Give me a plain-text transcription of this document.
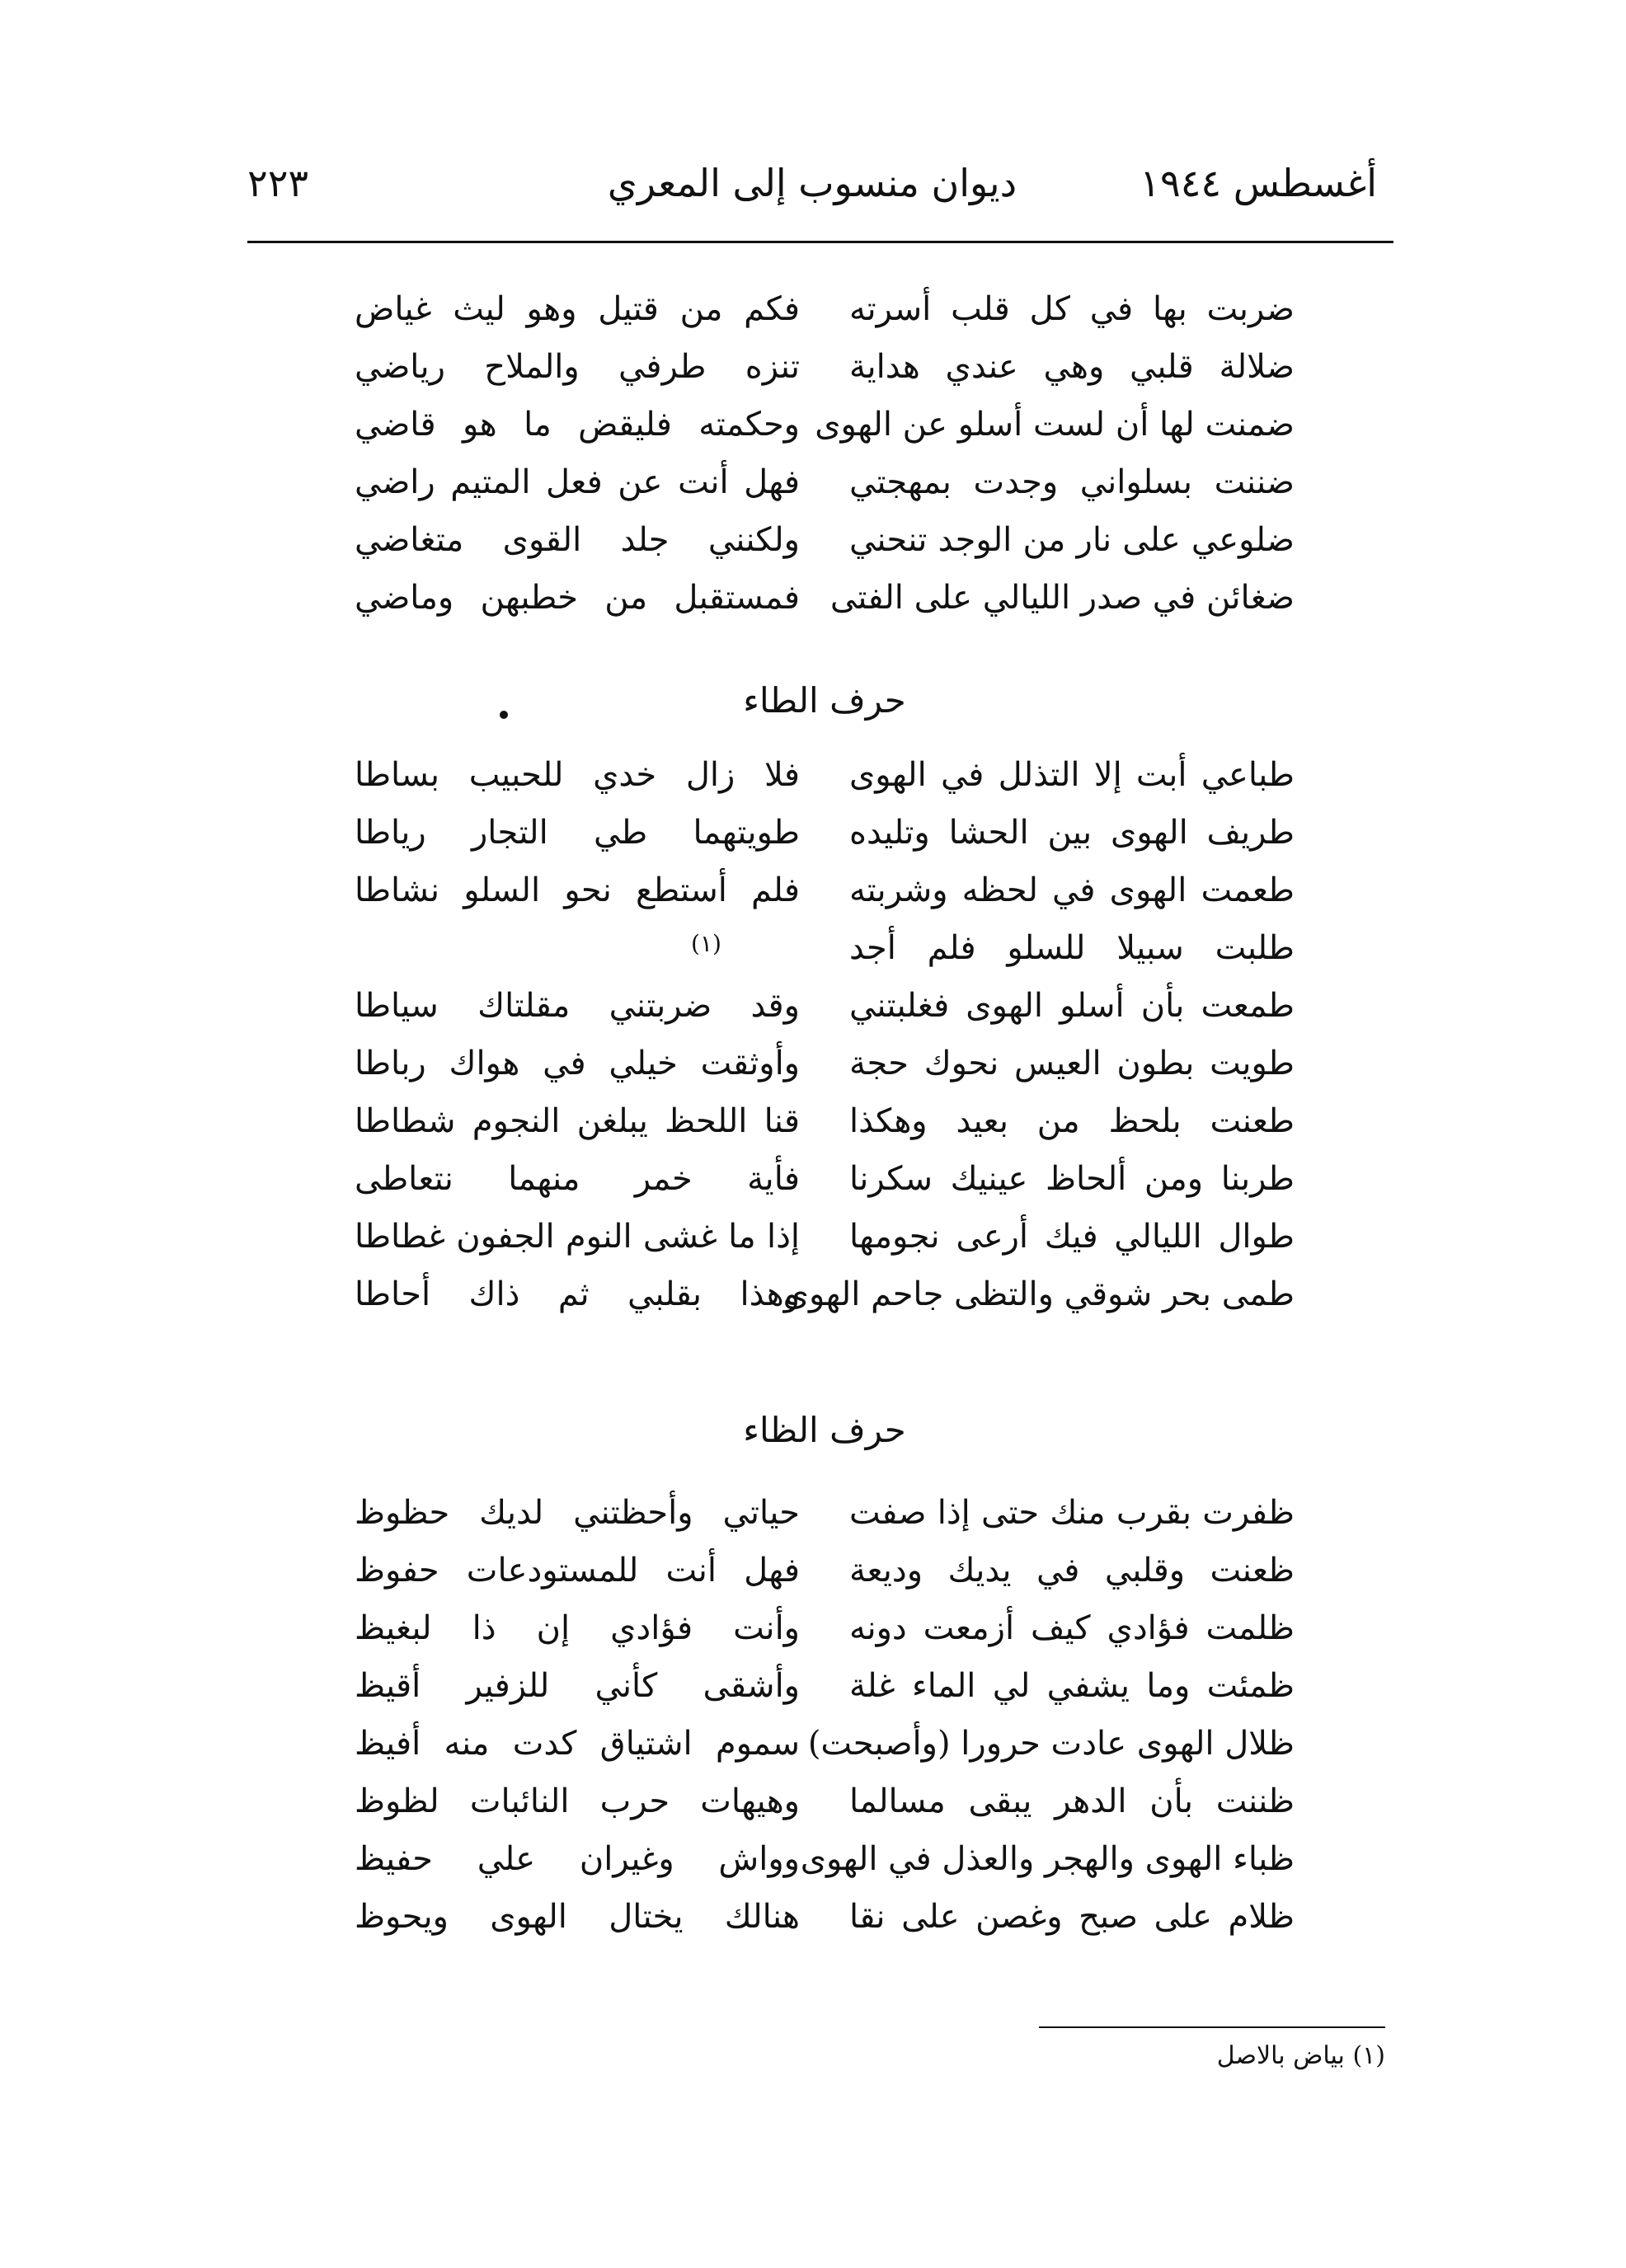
أغسطس ١٩٤٤
ديوان منسوب إلى المعري
٢٢٣
ضربت بها في كل قلب أسرته
فكم من قتيل وهو ليث غياض
ضلالة قلبي وهي عندي هداية
تنزه طرفي والملاح رياضي
ضمنت لها أن لست أسلو عن الهوى
وحكمته فليقض ما هو قاضي
ضننت بسلواني وجدت بمهجتي
فهل أنت عن فعل المتيم راضي
ضلوعي على نار من الوجد تنحني
ولكنني جلد القوى متغاضي
ضغائن في صدر الليالي على الفتى
فمستقبل من خطبهن وماضي
حرف الطاء
طباعي أبت إلا التذلل في الهوى
فلا زال خدي للحبيب بساطا
طريف الهوى بين الحشا وتليده
طويتهما طي التجار رياطا
طعمت الهوى في لحظه وشربته
فلم أستطع نحو السلو نشاطا
طلبت سبيلا للسلو فلم أجد
طمعت بأن أسلو الهوى فغلبتني
وقد ضربتني مقلتاك سياطا
طويت بطون العيس نحوك حجة
وأوثقت خيلي في هواك رباطا
طعنت بلحظ من بعيد وهكذا
قنا اللحظ يبلغن النجوم شطاطا
طربنا ومن ألحاظ عينيك سكرنا
فأية خمر منهما نتعاطى
طوال الليالي فيك أرعى نجومها
إذا ما غشى النوم الجفون غطاطا
طمى بحر شوقي والتظى جاحم الهوى
وهذا بقلبي ثم ذاك أحاطا
(١)
حرف الظاء
ظفرت بقرب منك حتى إذا صفت
حياتي وأحظتني لديك حظوظ
ظعنت وقلبي في يديك وديعة
فهل أنت للمستودعات حفوظ
ظلمت فؤادي كيف أزمعت دونه
وأنت فؤادي إن ذا لبغيظ
ظمئت وما يشفي لي الماء غلة
وأشقى كأني للزفير أقيظ
ظلال الهوى عادت حرورا (وأصبحت)
سموم اشتياق كدت منه أفيظ
ظننت بأن الدهر يبقى مسالما
وهيهات حرب النائبات لظوظ
ظباء الهوى والهجر والعذل في الهوى
وواش وغيران علي حفيظ
ظلام على صبح وغصن على نقا
هنالك يختال الهوى ويحوظ
(١) بياض بالاصل
